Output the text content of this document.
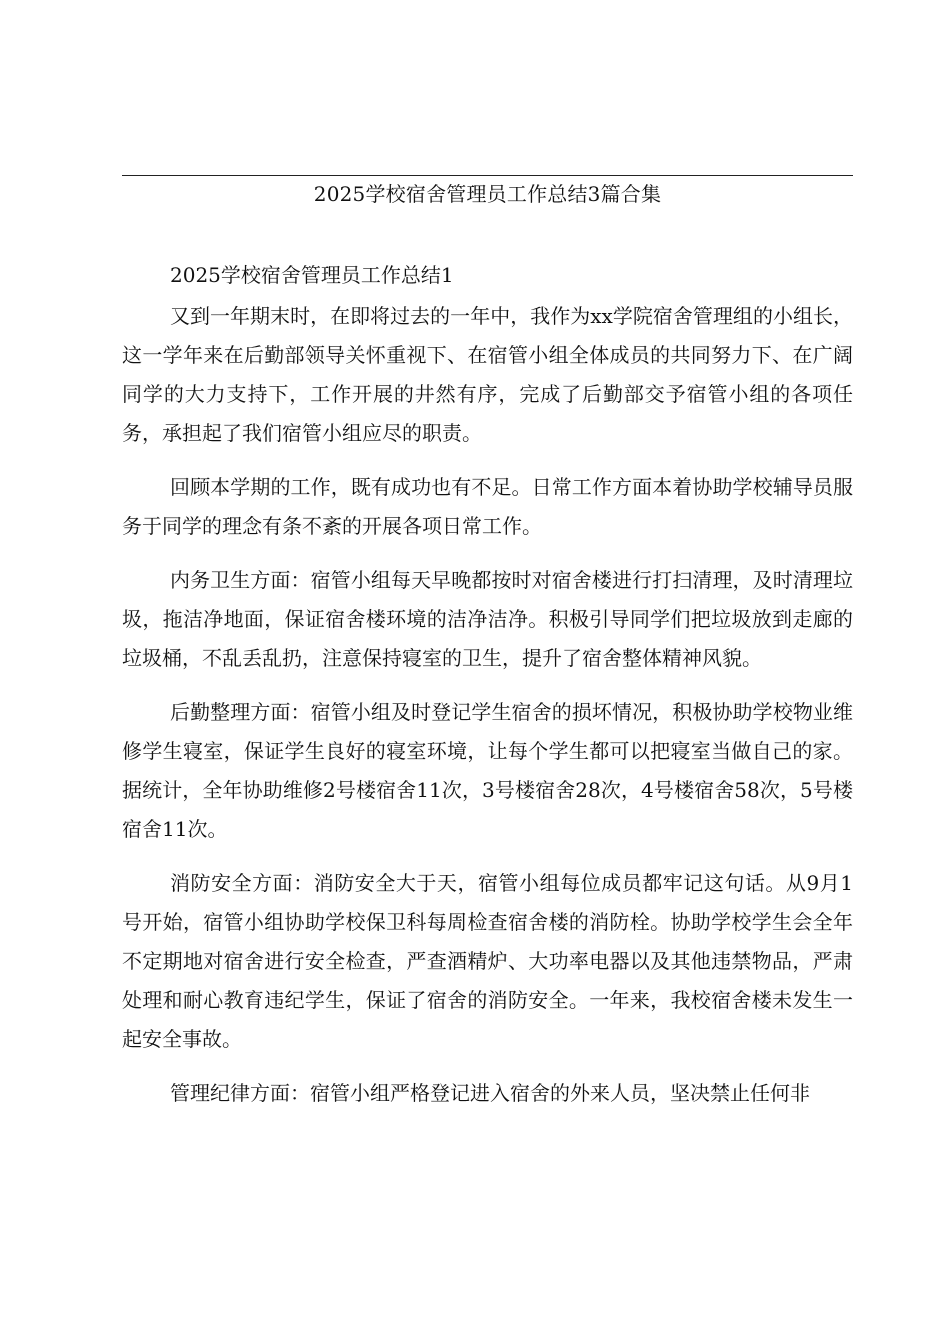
2025学校宿舍管理员工作总结3篇合集

2025学校宿舍管理员工作总结1

又到一年期末时，在即将过去的一年中，我作为xx学院宿舍管理组的小组长，这一学年来在后勤部领导关怀重视下、在宿管小组全体成员的共同努力下、在广阔同学的大力支持下，工作开展的井然有序，完成了后勤部交予宿管小组的各项任务，承担起了我们宿管小组应尽的职责。

回顾本学期的工作，既有成功也有不足。日常工作方面本着协助学校辅导员服务于同学的理念有条不紊的开展各项日常工作。

内务卫生方面：宿管小组每天早晚都按时对宿舍楼进行打扫清理，及时清理垃圾，拖洁净地面，保证宿舍楼环境的洁净洁净。积极引导同学们把垃圾放到走廊的垃圾桶，不乱丢乱扔，注意保持寝室的卫生，提升了宿舍整体精神风貌。

后勤整理方面：宿管小组及时登记学生宿舍的损坏情况，积极协助学校物业维修学生寝室，保证学生良好的寝室环境，让每个学生都可以把寝室当做自己的家。据统计，全年协助维修2号楼宿舍11次，3号楼宿舍28次，4号楼宿舍58次，5号楼宿舍11次。

消防安全方面：消防安全大于天，宿管小组每位成员都牢记这句话。从9月1号开始，宿管小组协助学校保卫科每周检查宿舍楼的消防栓。协助学校学生会全年不定期地对宿舍进行安全检查，严查酒精炉、大功率电器以及其他违禁物品，严肃处理和耐心教育违纪学生，保证了宿舍的消防安全。一年来，我校宿舍楼未发生一起安全事故。

管理纪律方面：宿管小组严格登记进入宿舍的外来人员，坚决禁止任何非
